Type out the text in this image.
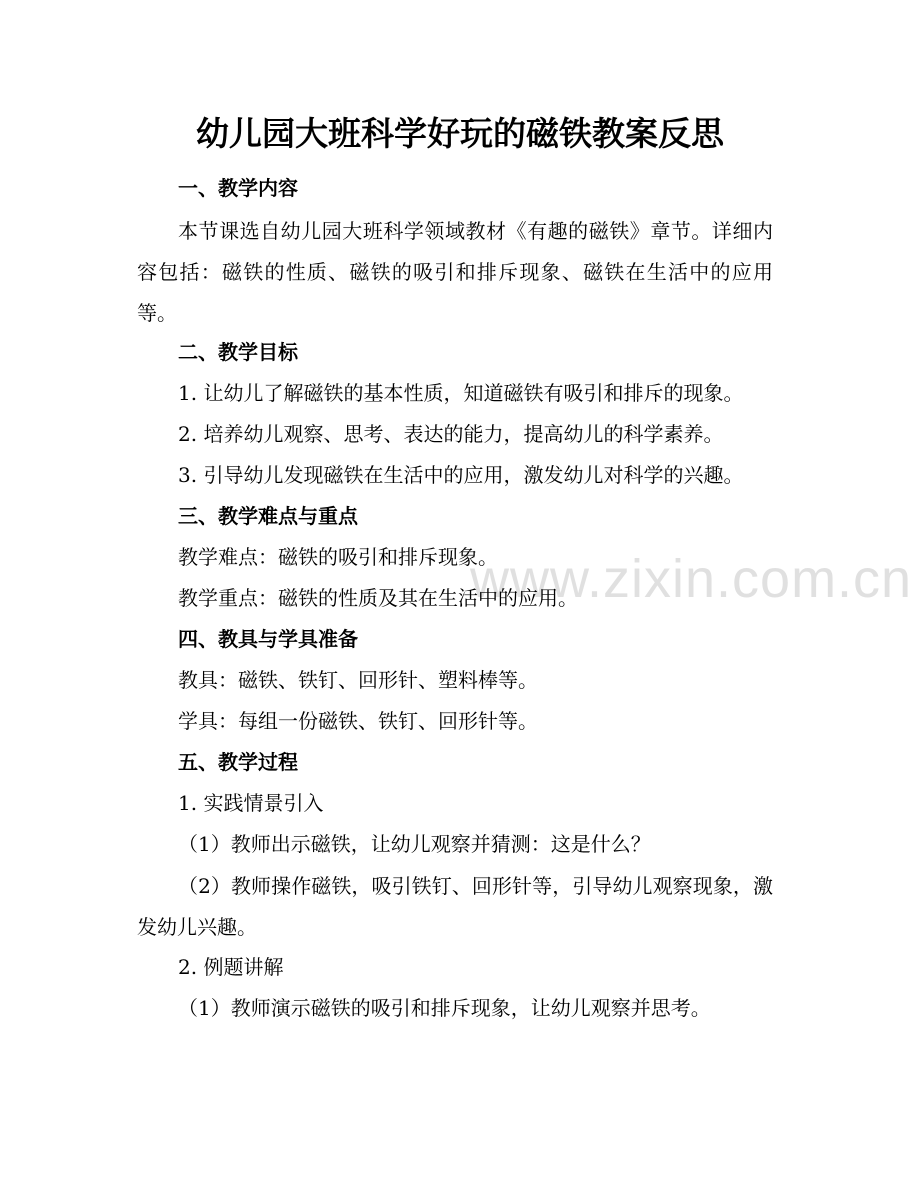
www.zixin.com.cn
幼儿园大班科学好玩的磁铁教案反思
一、教学内容
本节课选自幼儿园大班科学领域教材《有趣的磁铁》章节。详细内容包括：磁铁的性质、磁铁的吸引和排斥现象、磁铁在生活中的应用等。
二、教学目标
1. 让幼儿了解磁铁的基本性质，知道磁铁有吸引和排斥的现象。
2. 培养幼儿观察、思考、表达的能力，提高幼儿的科学素养。
3. 引导幼儿发现磁铁在生活中的应用，激发幼儿对科学的兴趣。
三、教学难点与重点
教学难点：磁铁的吸引和排斥现象。
教学重点：磁铁的性质及其在生活中的应用。
四、教具与学具准备
教具：磁铁、铁钉、回形针、塑料棒等。
学具：每组一份磁铁、铁钉、回形针等。
五、教学过程
1. 实践情景引入
（1）教师出示磁铁，让幼儿观察并猜测：这是什么？
（2）教师操作磁铁，吸引铁钉、回形针等，引导幼儿观察现象，激发幼儿兴趣。
2. 例题讲解
（1）教师演示磁铁的吸引和排斥现象，让幼儿观察并思考。
